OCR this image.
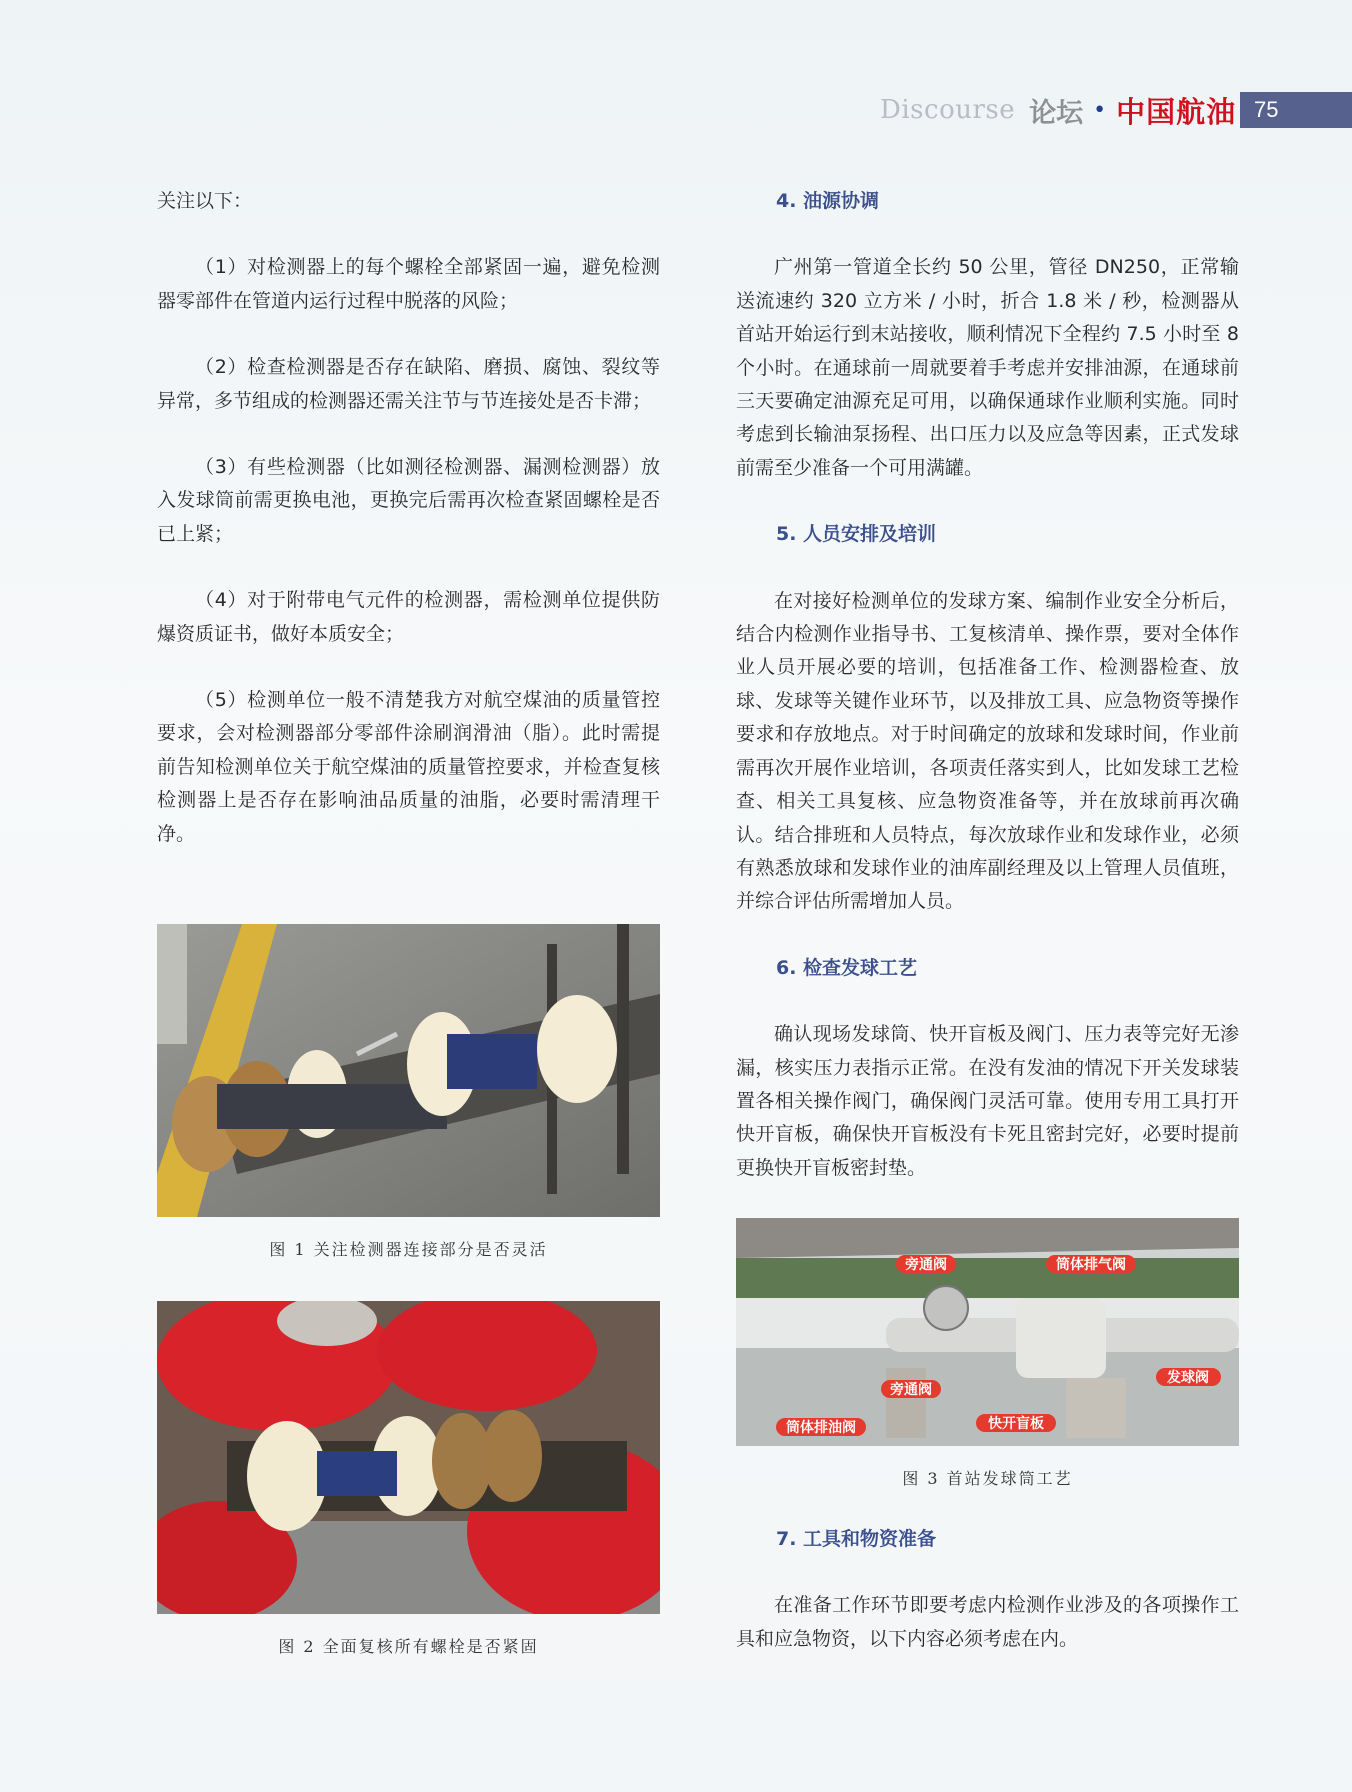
Discourse 论坛 • 中国航油 75

关注以下：

（1）对检测器上的每个螺栓全部紧固一遍，避免检测器零部件在管道内运行过程中脱落的风险；

（2）检查检测器是否存在缺陷、磨损、腐蚀、裂纹等异常，多节组成的检测器还需关注节与节连接处是否卡滞；

（3）有些检测器（比如测径检测器、漏测检测器）放入发球筒前需更换电池，更换完后需再次检查紧固螺栓是否已上紧；

（4）对于附带电气元件的检测器，需检测单位提供防爆资质证书，做好本质安全；

（5）检测单位一般不清楚我方对航空煤油的质量管控要求，会对检测器部分零部件涂刷润滑油（脂）。此时需提前告知检测单位关于航空煤油的质量管控要求，并检查复核检测器上是否存在影响油品质量的油脂，必要时需清理干净。

图 1 关注检测器连接部分是否灵活
图 2 全面复核所有螺栓是否紧固

4. 油源协调

广州第一管道全长约 50 公里，管径 DN250，正常输送流速约 320 立方米 / 小时，折合 1.8 米 / 秒，检测器从首站开始运行到末站接收，顺利情况下全程约 7.5 小时至 8 个小时。在通球前一周就要着手考虑并安排油源，在通球前三天要确定油源充足可用，以确保通球作业顺利实施。同时考虑到长输油泵扬程、出口压力以及应急等因素，正式发球前需至少准备一个可用满罐。

5. 人员安排及培训

在对接好检测单位的发球方案、编制作业安全分析后，结合内检测作业指导书、工复核清单、操作票，要对全体作业人员开展必要的培训，包括准备工作、检测器检查、放球、发球等关键作业环节，以及排放工具、应急物资等操作要求和存放地点。对于时间确定的放球和发球时间，作业前需再次开展作业培训，各项责任落实到人，比如发球工艺检查、相关工具复核、应急物资准备等，并在放球前再次确认。结合排班和人员特点，每次放球作业和发球作业，必须有熟悉放球和发球作业的油库副经理及以上管理人员值班，并综合评估所需增加人员。

6. 检查发球工艺

确认现场发球筒、快开盲板及阀门、压力表等完好无渗漏，核实压力表指示正常。在没有发油的情况下开关发球装置各相关操作阀门，确保阀门灵活可靠。使用专用工具打开快开盲板，确保快开盲板没有卡死且密封完好，必要时提前更换快开盲板密封垫。

旁通阀	筒体排气阀
旁通阀
筒体排油阀	快开盲板
发球阀
图 3 首站发球筒工艺

7. 工具和物资准备

在准备工作环节即要考虑内检测作业涉及的各项操作工具和应急物资，以下内容必须考虑在内。
